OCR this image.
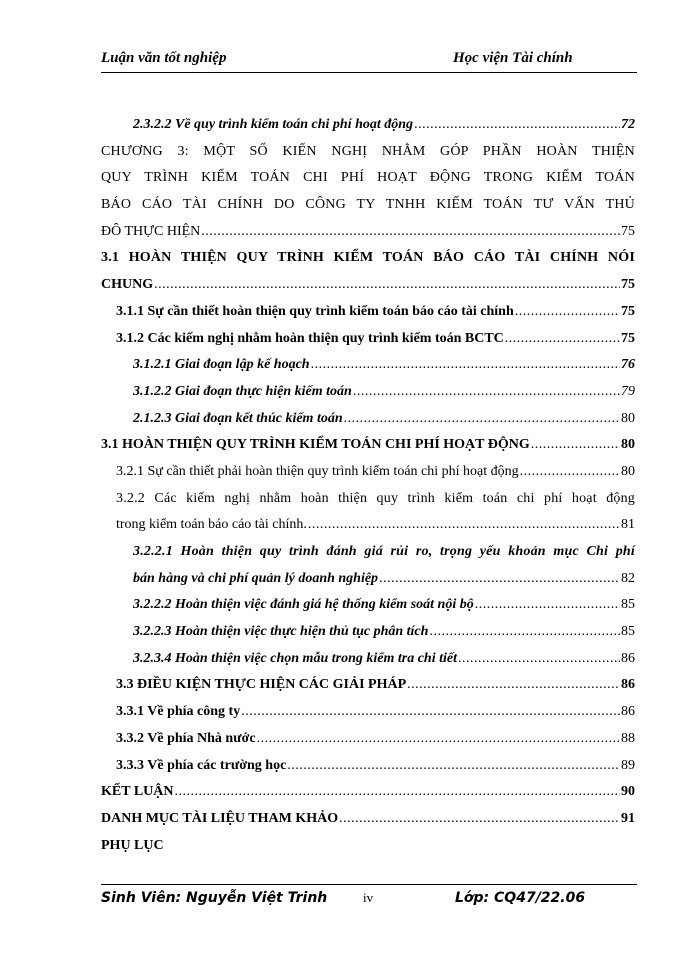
Luận văn tốt nghiệp	Học viện Tài chính
2.3.2.2 Về quy trình kiểm toán chi phí hoạt động .....	72
CHƯƠNG 3: MỘT SỐ KIẾN NGHỊ NHẰM GÓP PHẦN HOÀN THIỆN
QUY TRÌNH KIỂM TOÁN CHI PHÍ HOẠT ĐỘNG TRONG KIỂM TOÁN
BÁO CÁO TÀI CHÍNH DO CÔNG TY TNHH KIỂM TOÁN TƯ VẤN THỦ
ĐÔ THỰC HIỆN .....	75
3.1 HOÀN THIỆN QUY TRÌNH KIỂM TOÁN BÁO CÁO TÀI CHÍNH NÓI
CHUNG .....	75
3.1.1 Sự cần thiết hoàn thiện quy trình kiểm toán báo cáo tài chính .....	75
3.1.2 Các kiếm nghị nhằm hoàn thiện quy trình kiểm toán BCTC .....	75
3.1.2.1 Giai đoạn lập kế hoạch .....	76
3.1.2.2 Giai đoạn thực hiện kiểm toán .....	79
2.1.2.3 Giai đoạn kết thúc kiểm toán .....	80
3.1 HOÀN THIỆN QUY TRÌNH KIỂM TOÁN CHI PHÍ HOẠT ĐỘNG .....	80
3.2.1 Sự cần thiết phải hoàn thiện quy trình kiểm toán chi phí hoạt động .....	80
3.2.2 Các kiếm nghị nhằm hoàn thiện quy trình kiểm toán chi phí hoạt động
trong kiểm toán báo cáo tài chính. .....	81
3.2.2.1 Hoàn thiện quy trình đánh giá rủi ro, trọng yếu khoản mục Chi phí
bán hàng và chi phí quản lý doanh nghiệp .....	82
3.2.2.2 Hoàn thiện việc đánh giá hệ thống kiểm soát nội bộ .....	85
3.2.2.3 Hoàn thiện việc thực hiện thủ tục phân tích .....	85
3.2.3.4 Hoàn thiện việc chọn mẫu trong kiểm tra chi tiết .....	86
3.3 ĐIỀU KIỆN THỰC HIỆN CÁC GIẢI PHÁP .....	86
3.3.1 Về phía công ty .....	86
3.3.2 Về phía Nhà nước .....	88
3.3.3 Về phía các trường học .....	89
KẾT LUẬN .....	90
DANH MỤC TÀI LIỆU THAM KHẢO .....	91
PHỤ LỤC
Sinh Viên: Nguyễn Việt Trinh	iv	Lớp: CQ47/22.06
